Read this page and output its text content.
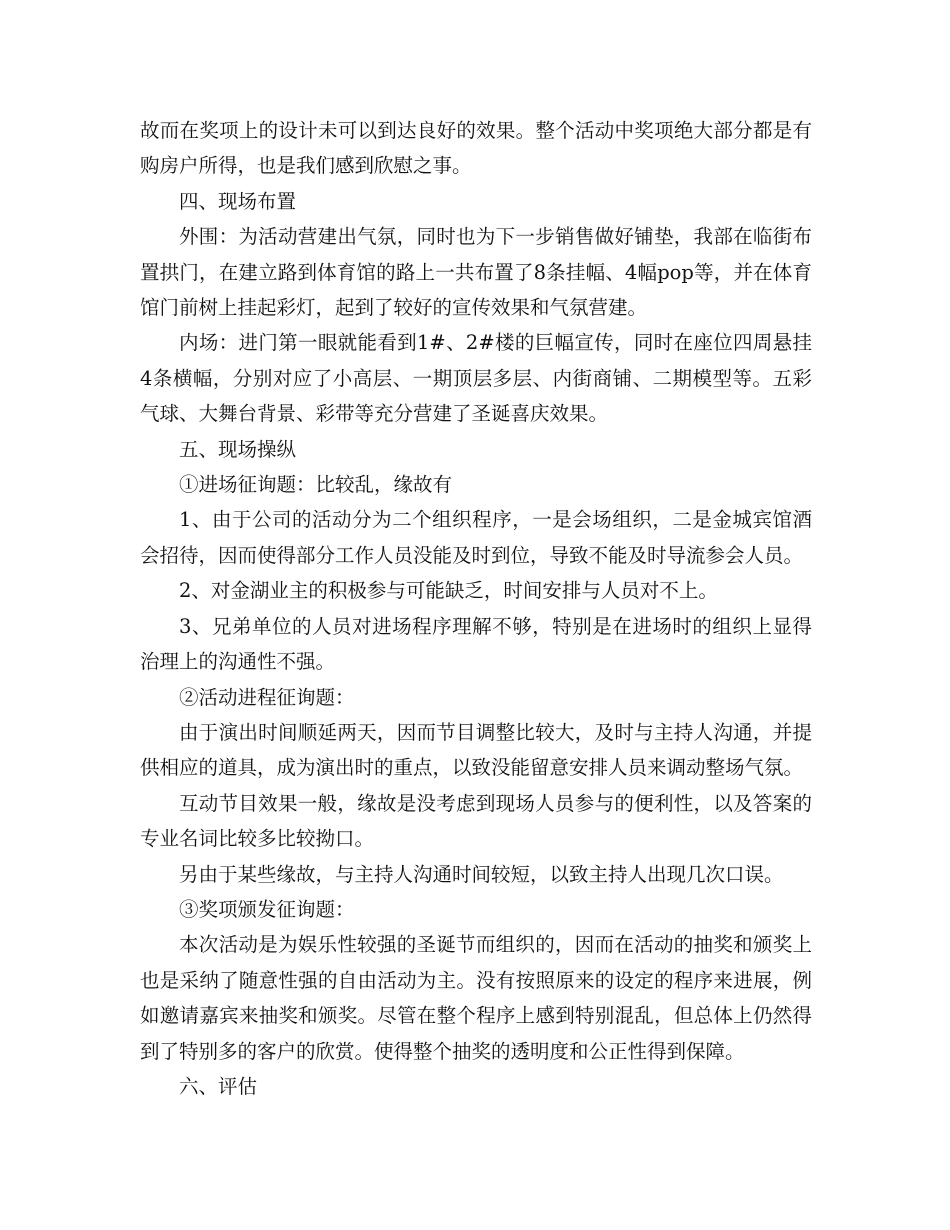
故而在奖项上的设计未可以到达良好的效果。整个活动中奖项绝大部分都是有购房户所得，也是我们感到欣慰之事。

四、现场布置

外围：为活动营建出气氛，同时也为下一步销售做好铺垫，我部在临街布置拱门，在建立路到体育馆的路上一共布置了8条挂幅、4幅pop等，并在体育馆门前树上挂起彩灯，起到了较好的宣传效果和气氛营建。

内场：进门第一眼就能看到1#、2#楼的巨幅宣传，同时在座位四周悬挂4条横幅，分别对应了小高层、一期顶层多层、内街商铺、二期模型等。五彩气球、大舞台背景、彩带等充分营建了圣诞喜庆效果。

五、现场操纵

①进场征询题：比较乱，缘故有

1、由于公司的活动分为二个组织程序，一是会场组织，二是金城宾馆酒会招待，因而使得部分工作人员没能及时到位，导致不能及时导流参会人员。

2、对金湖业主的积极参与可能缺乏，时间安排与人员对不上。

3、兄弟单位的人员对进场程序理解不够，特别是在进场时的组织上显得治理上的沟通性不强。

②活动进程征询题：

由于演出时间顺延两天，因而节目调整比较大，及时与主持人沟通，并提供相应的道具，成为演出时的重点，以致没能留意安排人员来调动整场气氛。

互动节目效果一般，缘故是没考虑到现场人员参与的便利性，以及答案的专业名词比较多比较拗口。

另由于某些缘故，与主持人沟通时间较短，以致主持人出现几次口误。

③奖项颁发征询题：

本次活动是为娱乐性较强的圣诞节而组织的，因而在活动的抽奖和颁奖上也是采纳了随意性强的自由活动为主。没有按照原来的设定的程序来进展，例如邀请嘉宾来抽奖和颁奖。尽管在整个程序上感到特别混乱，但总体上仍然得到了特别多的客户的欣赏。使得整个抽奖的透明度和公正性得到保障。

六、评估
